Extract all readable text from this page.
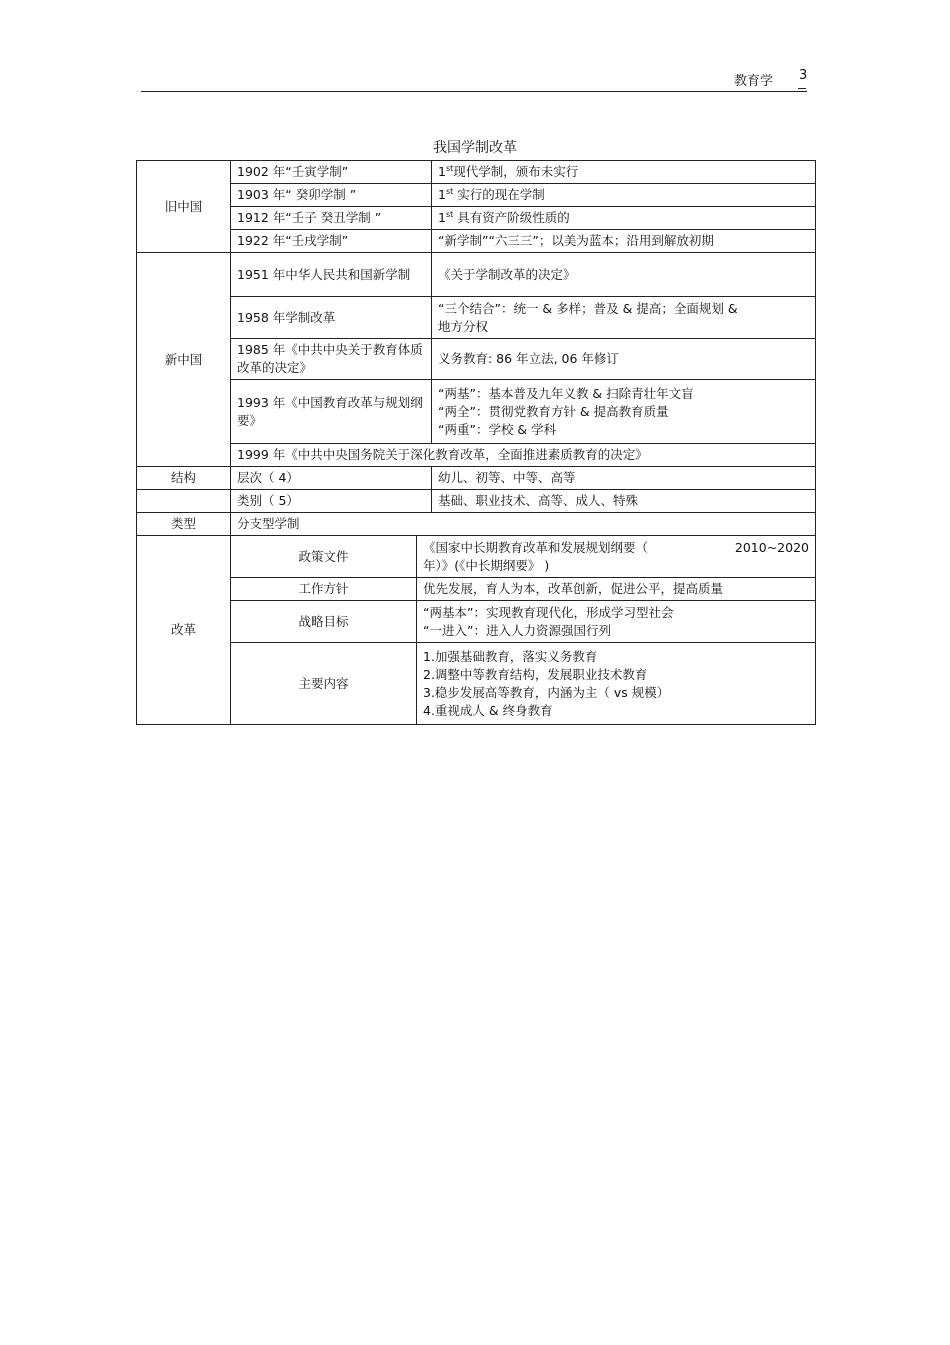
教育学 3
我国学制改革
旧中国	1902 年“壬寅学制”		1st现代学制，颁布未实行
	1903 年“ 癸卯学制 ”		1st 实行的现在学制
	1912 年“壬子 癸丑学制 ”		1st 具有资产阶级性质的
	1922 年“壬戌学制”		“新学制”“六三三”；以美为蓝本；沿用到解放初期
新中国	1951 年中华人民共和国新学制		《关于学制改革的决定》
	1958 年学制改革		“三个结合”：统一 & 多样；普及 & 提高；全面规划 &
地方分权

	1985 年《中共中央关于教育体质改革的决定》		义务教育: 86 年立法, 06 年修订
	1993 年《中国教育改革与规划纲要》		“两基”：基本普及九年义教 & 扫除青壮年文盲
“两全”：贯彻党教育方针 & 提高教育质量
“两重”：学校 & 学科

	1999 年《中共中央国务院关于深化教育改革，全面推进素质教育的决定》		
结构	层次（ 4）		幼儿、初等、中等、高等
	类别（ 5）		基础、职业技术、高等、成人、特殊
类型	分支型学制		
改革	政策文件	《国家中长期教育改革和发展规划纲要（ 2010~2020
年）》(《中长期纲要》 )	

	工作方针	优先发展，育人为本，改革创新，促进公平，提高质量	
	战略目标	“两基本”：实现教育现代化，形成学习型社会
“一进入”：进入人力资源强国行列	

	主要内容	1.加强基础教育，落实义务教育
2.调整中等教育结构，发展职业技术教育
3.稳步发展高等教育，内涵为主（ vs 规模）
4.重视成人 & 终身教育	
